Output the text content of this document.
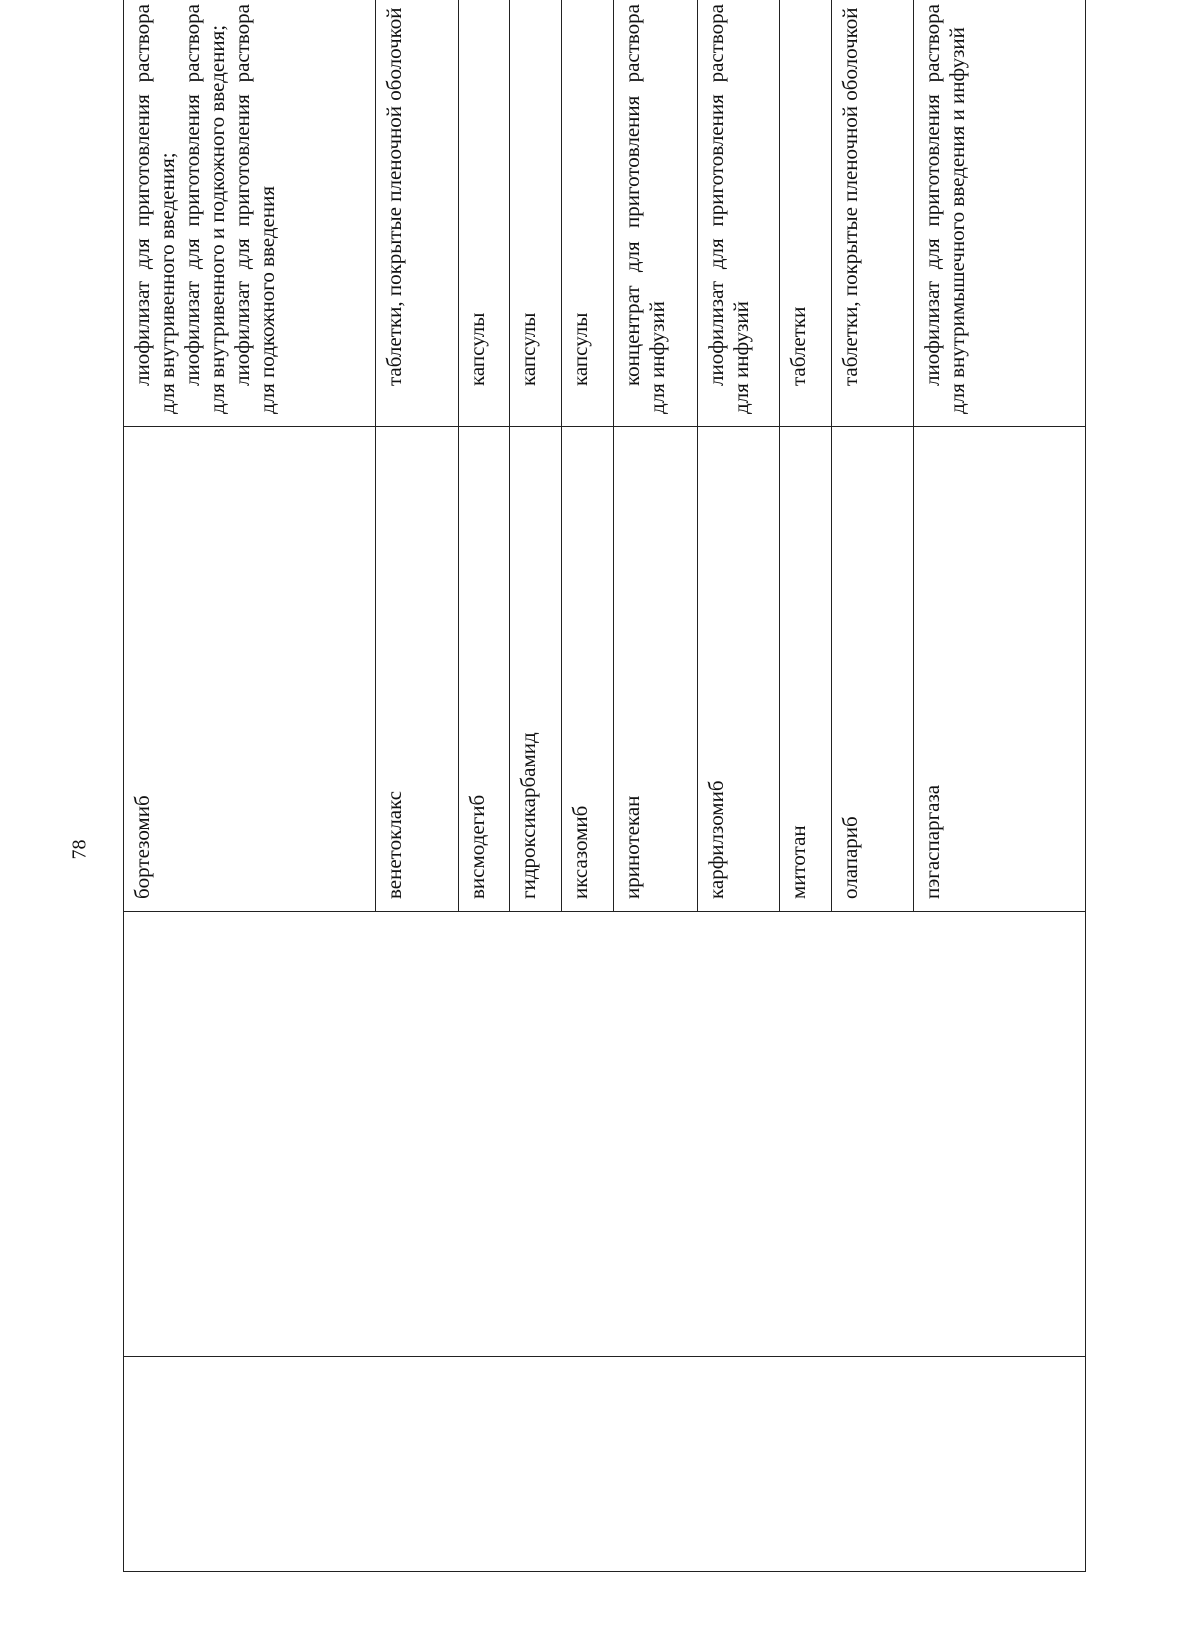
78
		бортезомиб	лиофилизат для приготовления раствора для внутривенного введения; лиофилизат для приготовления раствора для внутривенного и подкожного введения; лиофилизат для приготовления раствора для подкожного введения

		венетоклакс	таблетки, покрытые пленочной оболочкой

		висмодегиб	капсулы

		гидроксикарбамид	капсулы

		иксазомиб	капсулы

		иринотекан	концентрат для приготовления раствора для инфузий

		карфилзомиб	лиофилизат для приготовления раствора для инфузий

		митотан	таблетки

		олапариб	таблетки, покрытые пленочной оболочкой

		пэгаспаргаза	лиофилизат для приготовления раствора для внутримышечного введения и инфузий
